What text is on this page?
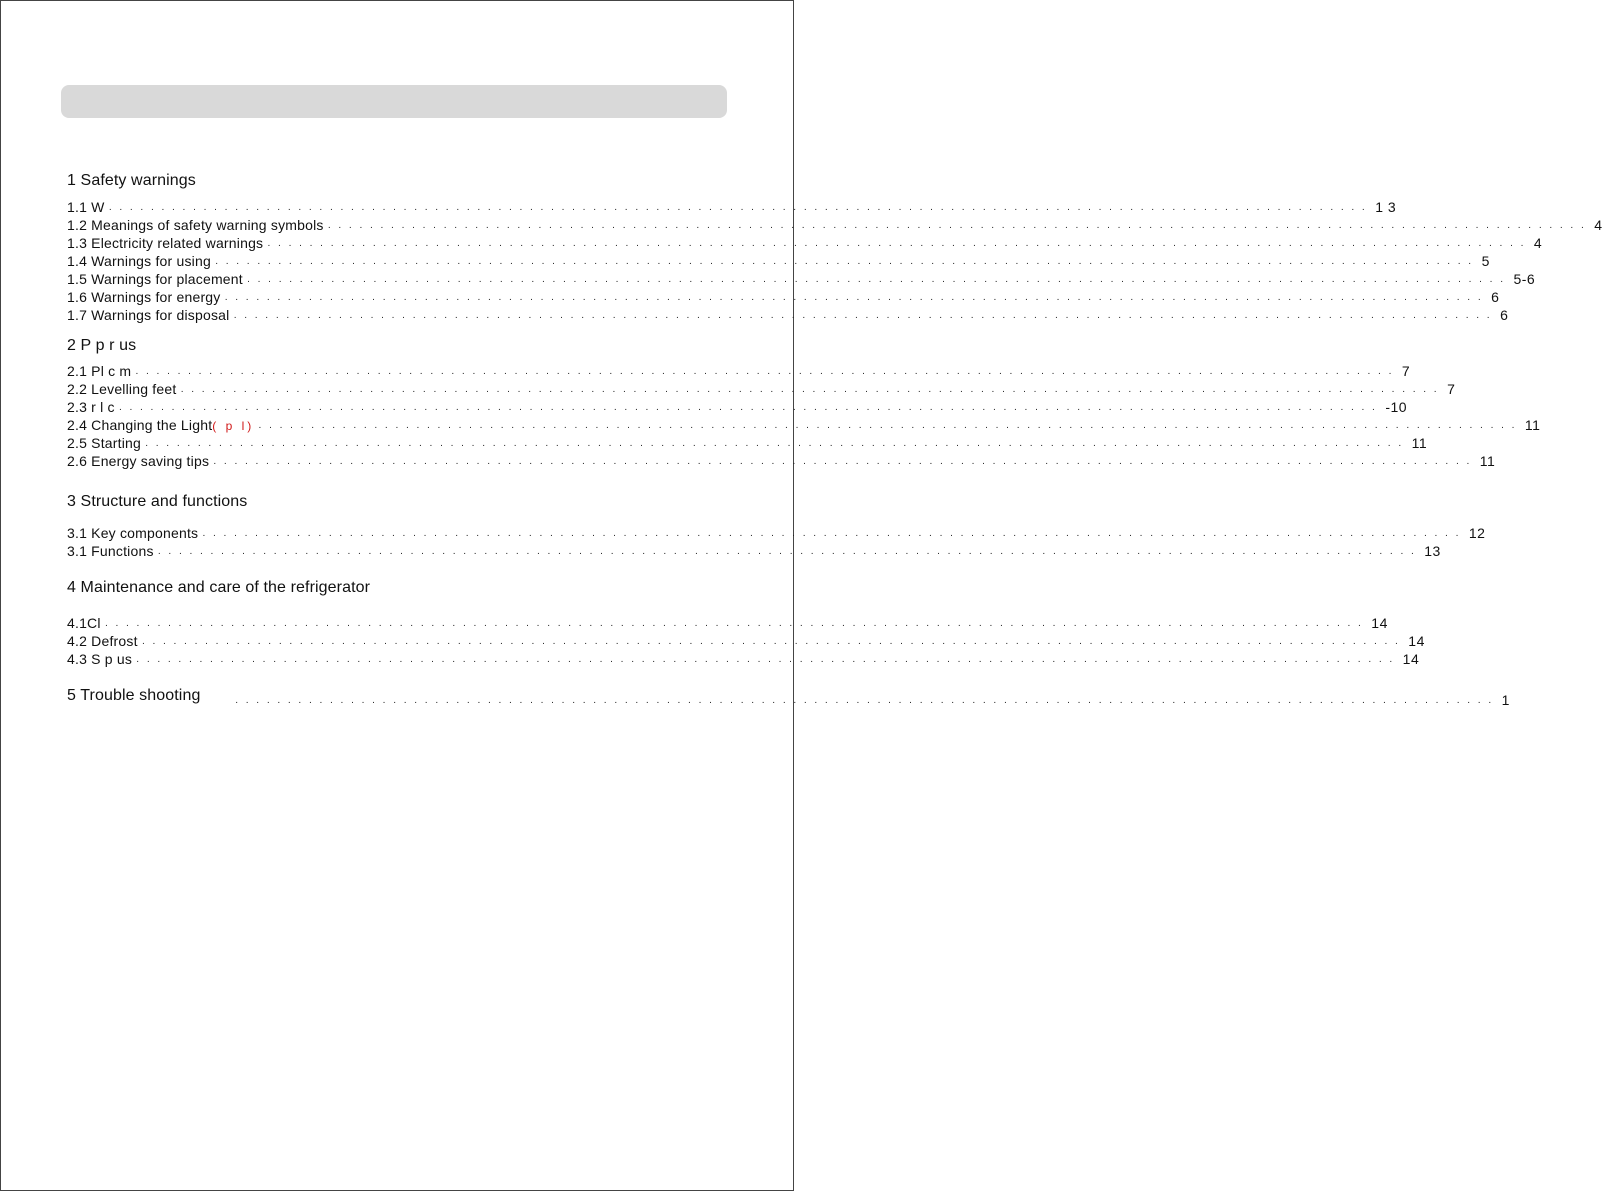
1 Safety warnings
1.1 W ························································································································ 1 3
1.2 Meanings of safety warning symbols ························································································································ 4
1.3 Electricity related warnings ························································································································ 4
1.4 Warnings for using ························································································································ 5
1.5 Warnings for placement ························································································································ 5-6
1.6 Warnings for energy ························································································································ 6
1.7 Warnings for disposal ························································································································ 6
2 P p r us
2.1 Pl c m ························································································································ 7
2.2 Levelling feet ························································································································ 7
2.3 r l c ························································································································ -10
2.4 Changing the Light ( p l) ························································································································ 11
2.5 Starting ························································································································ 11
2.6 Energy saving tips ························································································································ 11
3 Structure and functions
3.1 Key components ························································································································ 12
3.1 Functions ························································································································ 13
4 Maintenance and care of the refrigerator
4.1Cl ························································································································ 14
4.2 Defrost ························································································································ 14
4.3 S p us ························································································································ 14
5 Trouble shooting	························································································································ 1
